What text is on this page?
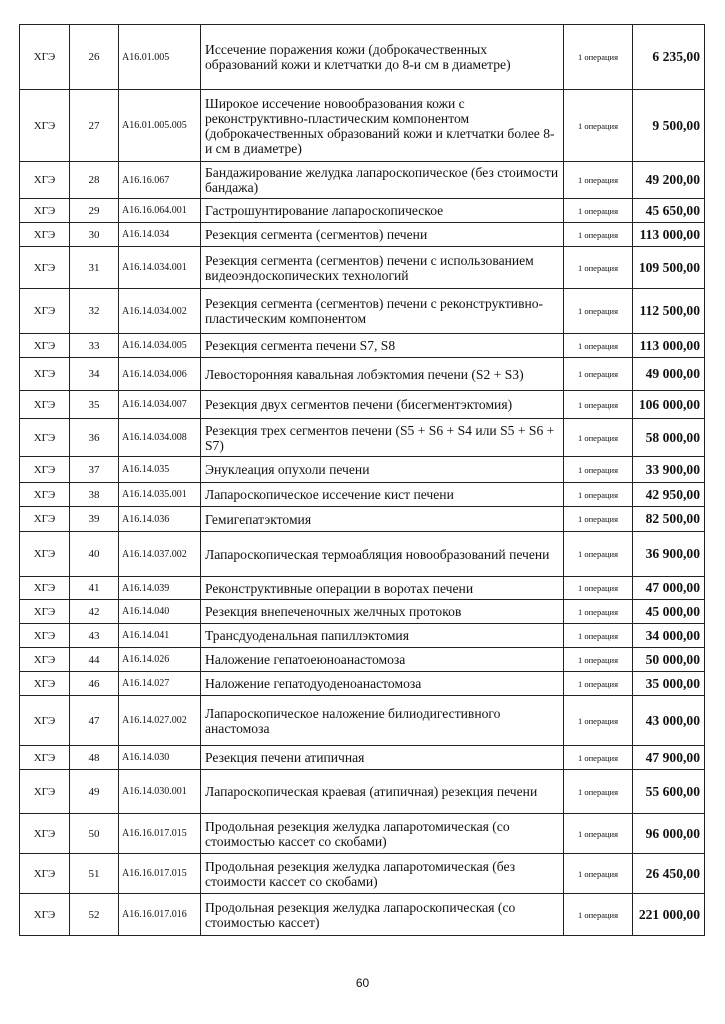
ХГЭ	26	A16.01.005	Иссечение поражения кожи (доброкачественных образований кожи и клетчатки до 8-и см в диаметре)	1 операция	6 235,00
ХГЭ	27	A16.01.005.005	Широкое иссечение новообразования кожи с реконструктивно-пластическим компонентом (доброкачественных образований кожи и клетчатки более 8-и см в диаметре)	1 операция	9 500,00
ХГЭ	28	A16.16.067	Бандажирование желудка лапароскопическое (без стоимости бандажа)	1 операция	49 200,00
ХГЭ	29	A16.16.064.001	Гастрошунтирование лапароскопическое	1 операция	45 650,00
ХГЭ	30	A16.14.034	Резекция сегмента (сегментов) печени	1 операция	113 000,00
ХГЭ	31	A16.14.034.001	Резекция сегмента (сегментов) печени с использованием видеоэндоскопических технологий	1 операция	109 500,00
ХГЭ	32	A16.14.034.002	Резекция сегмента (сегментов) печени с реконструктивно-пластическим компонентом	1 операция	112 500,00
ХГЭ	33	A16.14.034.005	Резекция сегмента печени S7, S8	1 операция	113 000,00
ХГЭ	34	A16.14.034.006	Левосторонняя кавальная лобэктомия печени (S2 + S3)	1 операция	49 000,00
ХГЭ	35	A16.14.034.007	Резекция двух сегментов печени (бисегментэктомия)	1 операция	106 000,00
ХГЭ	36	A16.14.034.008	Резекция трех сегментов печени (S5 + S6 + S4 или S5 + S6 + S7)	1 операция	58 000,00
ХГЭ	37	A16.14.035	Энуклеация опухоли печени	1 операция	33 900,00
ХГЭ	38	A16.14.035.001	Лапароскопическое иссечение кист печени	1 операция	42 950,00
ХГЭ	39	A16.14.036	Гемигепатэктомия	1 операция	82 500,00
ХГЭ	40	A16.14.037.002	Лапароскопическая термоабляция новообразований печени	1 операция	36 900,00
ХГЭ	41	A16.14.039	Реконструктивные операции в воротах печени	1 операция	47 000,00
ХГЭ	42	A16.14.040	Резекция внепеченочных желчных протоков	1 операция	45 000,00
ХГЭ	43	A16.14.041	Трансдуоденальная папиллэктомия	1 операция	34 000,00
ХГЭ	44	A16.14.026	Наложение гепатоеюноанастомоза	1 операция	50 000,00
ХГЭ	46	A16.14.027	Наложение гепатодуоденоанастомоза	1 операция	35 000,00
ХГЭ	47	A16.14.027.002	Лапароскопическое наложение билиодигестивного анастомоза	1 операция	43 000,00
ХГЭ	48	A16.14.030	Резекция печени атипичная	1 операция	47 900,00
ХГЭ	49	A16.14.030.001	Лапароскопическая краевая (атипичная) резекция печени	1 операция	55 600,00
ХГЭ	50	A16.16.017.015	Продольная резекция желудка лапаротомическая (со стоимостью кассет со скобами)	1 операция	96 000,00
ХГЭ	51	A16.16.017.015	Продольная резекция желудка лапаротомическая (без стоимости кассет со скобами)	1 операция	26 450,00
ХГЭ	52	A16.16.017.016	Продольная резекция желудка лапароскопическая (со стоимостью кассет)	1 операция	221 000,00
60
